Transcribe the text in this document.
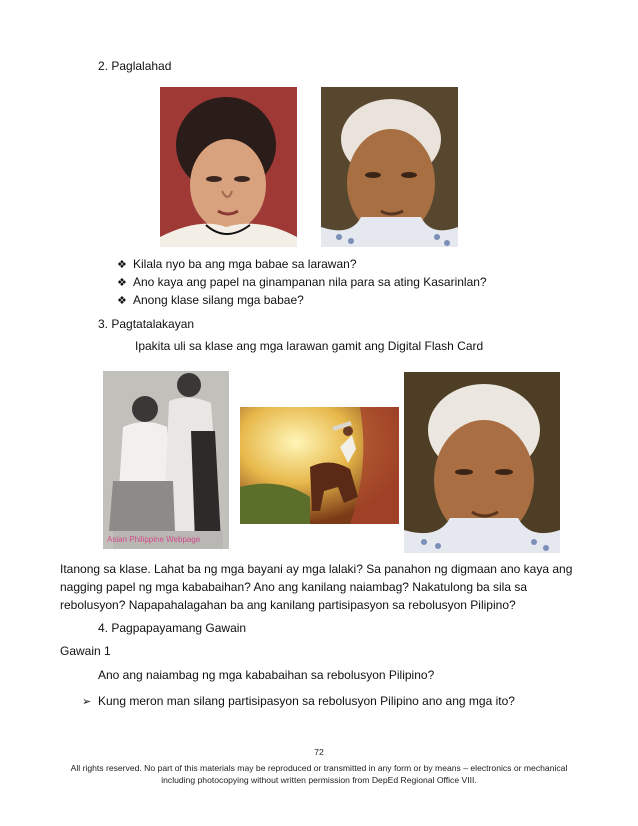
2. Paglalahad
❖ Kilala nyo ba ang mga babae sa larawan?
❖ Ano kaya ang papel na ginampanan nila para sa ating Kasarinlan?
❖ Anong klase silang mga babae?
3. Pagtatalakayan
Ipakita uli sa klase ang mga larawan gamit ang Digital Flash Card
Asian Philippine Webpage
Itanong sa klase. Lahat ba ng mga bayani ay mga lalaki? Sa panahon ng digmaan ano kaya ang nagging papel ng mga kababaihan? Ano ang kanilang naiambag? Nakatulong ba sila sa rebolusyon? Napapahalagahan ba ang kanilang partisipasyon sa rebolusyon Pilipino?
4. Pagpapayamang Gawain
Gawain 1
Ano ang naiambag ng mga kababaihan sa rebolusyon Pilipino?
➢ Kung meron man silang partisipasyon sa rebolusyon Pilipino ano ang mga ito?
72
All rights reserved. No part of this materials may be reproduced or transmitted in any form or by means – electronics or mechanical including photocopying without written permission from DepEd Regional Office VIII.
